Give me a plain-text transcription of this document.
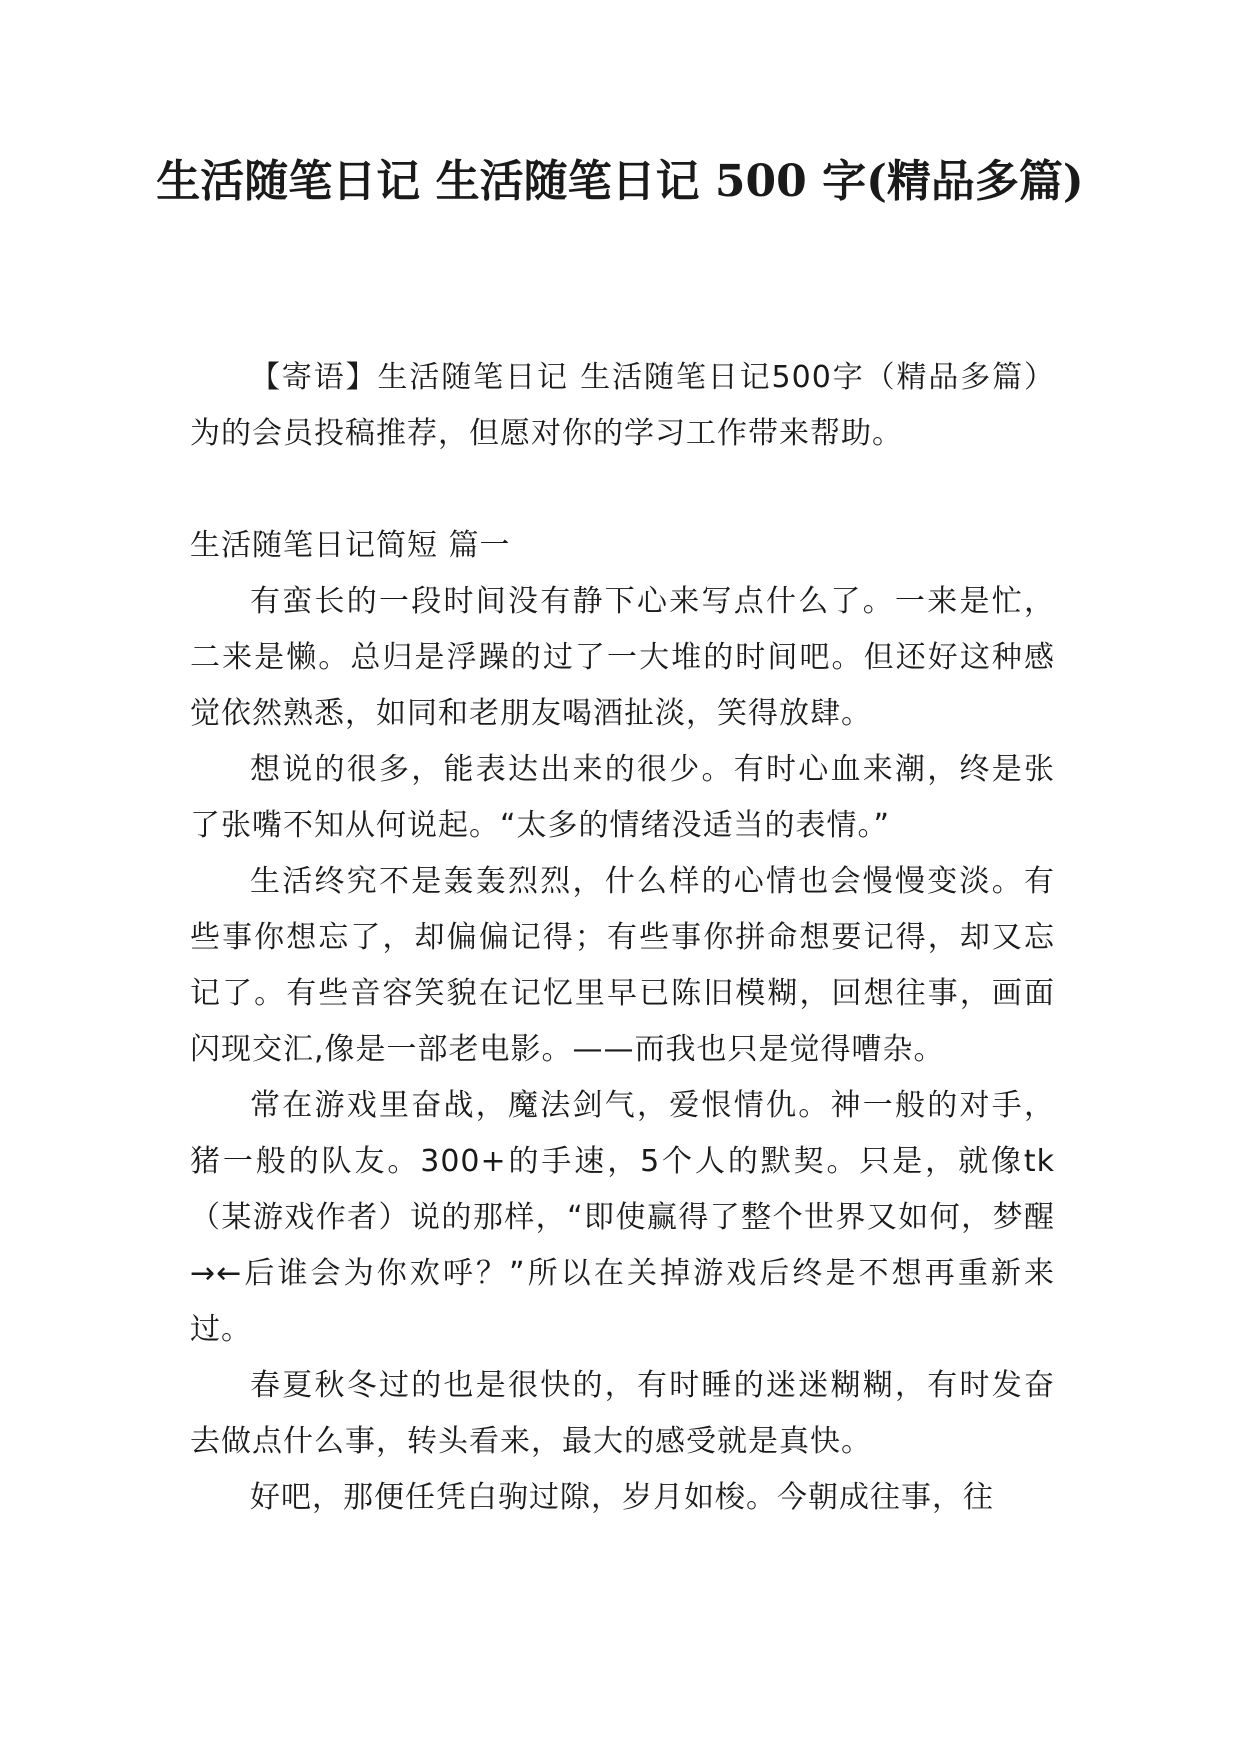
生活随笔日记 生活随笔日记 500 字(精品多篇)

【寄语】生活随笔日记 生活随笔日记500字（精品多篇）为的会员投稿推荐，但愿对你的学习工作带来帮助。

生活随笔日记简短 篇一

有蛮长的一段时间没有静下心来写点什么了。一来是忙，二来是懒。总归是浮躁的过了一大堆的时间吧。但还好这种感觉依然熟悉，如同和老朋友喝酒扯淡，笑得放肆。

想说的很多，能表达出来的很少。有时心血来潮，终是张了张嘴不知从何说起。“太多的情绪没适当的表情。”

生活终究不是轰轰烈烈，什么样的心情也会慢慢变淡。有些事你想忘了，却偏偏记得；有些事你拼命想要记得，却又忘记了。有些音容笑貌在记忆里早已陈旧模糊，回想往事，画面闪现交汇,像是一部老电影。——而我也只是觉得嘈杂。

常在游戏里奋战，魔法剑气，爱恨情仇。神一般的对手，猪一般的队友。300+的手速，5个人的默契。只是，就像tk（某游戏作者）说的那样，“即使赢得了整个世界又如何，梦醒→←后谁会为你欢呼？”所以在关掉游戏后终是不想再重新来过。

春夏秋冬过的也是很快的，有时睡的迷迷糊糊，有时发奋去做点什么事，转头看来，最大的感受就是真快。

好吧，那便任凭白驹过隙，岁月如梭。今朝成往事，往
